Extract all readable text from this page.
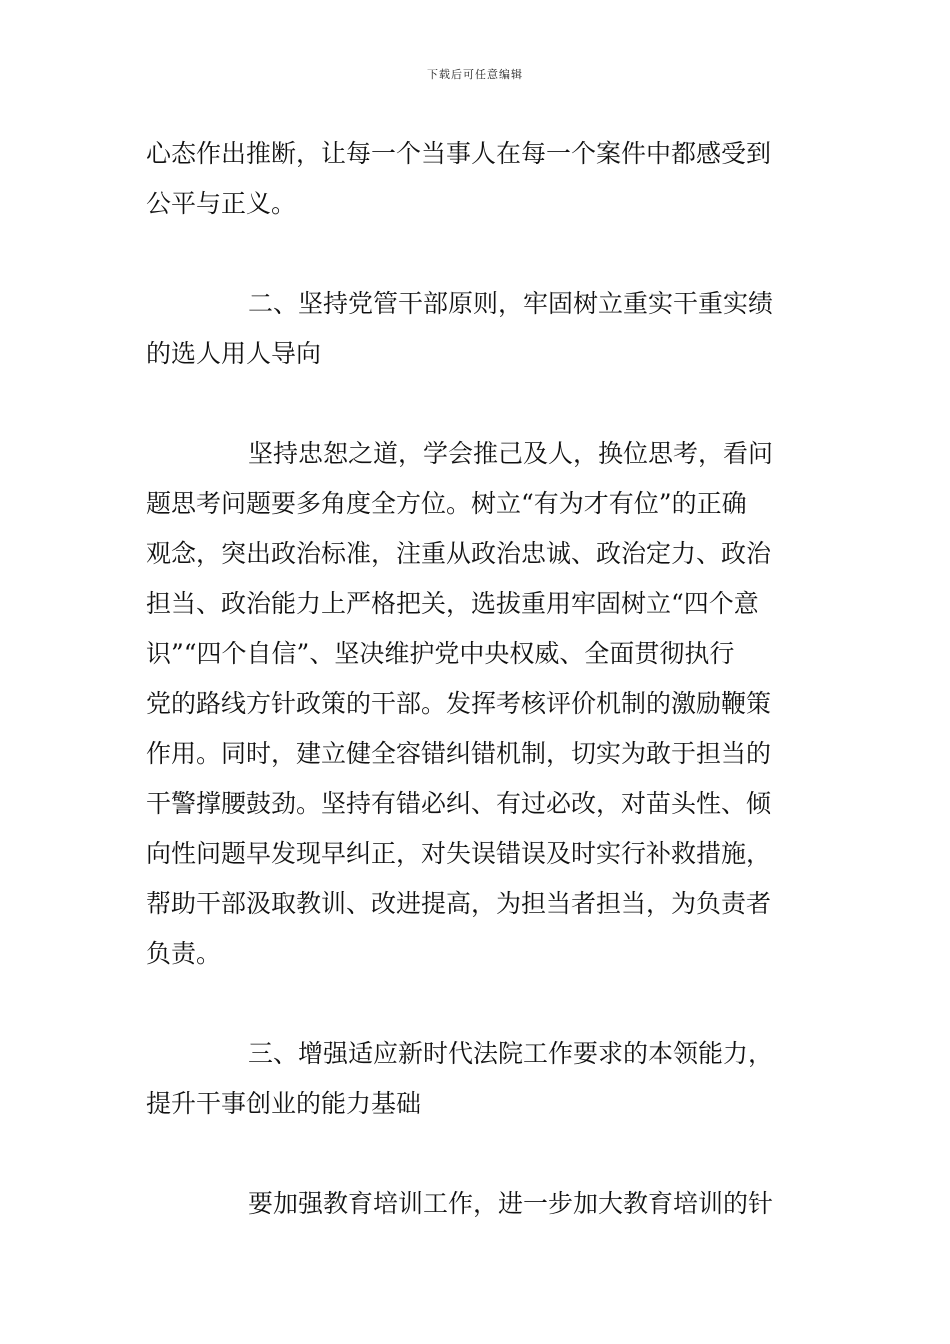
下载后可任意编辑
心态作出推断，让每一个当事人在每一个案件中都感受到
公平与正义。
二、坚持党管干部原则，牢固树立重实干重实绩
的选人用人导向
坚持忠恕之道，学会推己及人，换位思考，看问
题思考问题要多角度全方位。树立“有为才有位”的正确
观念，突出政治标准，注重从政治忠诚、政治定力、政治
担当、政治能力上严格把关，选拔重用牢固树立“四个意
识”“四个自信”、坚决维护党中央权威、全面贯彻执行
党的路线方针政策的干部。发挥考核评价机制的激励鞭策
作用。同时，建立健全容错纠错机制，切实为敢于担当的
干警撑腰鼓劲。坚持有错必纠、有过必改，对苗头性、倾
向性问题早发现早纠正，对失误错误及时实行补救措施，
帮助干部汲取教训、改进提高，为担当者担当，为负责者
负责。
三、增强适应新时代法院工作要求的本领能力，
提升干事创业的能力基础
要加强教育培训工作，进一步加大教育培训的针
